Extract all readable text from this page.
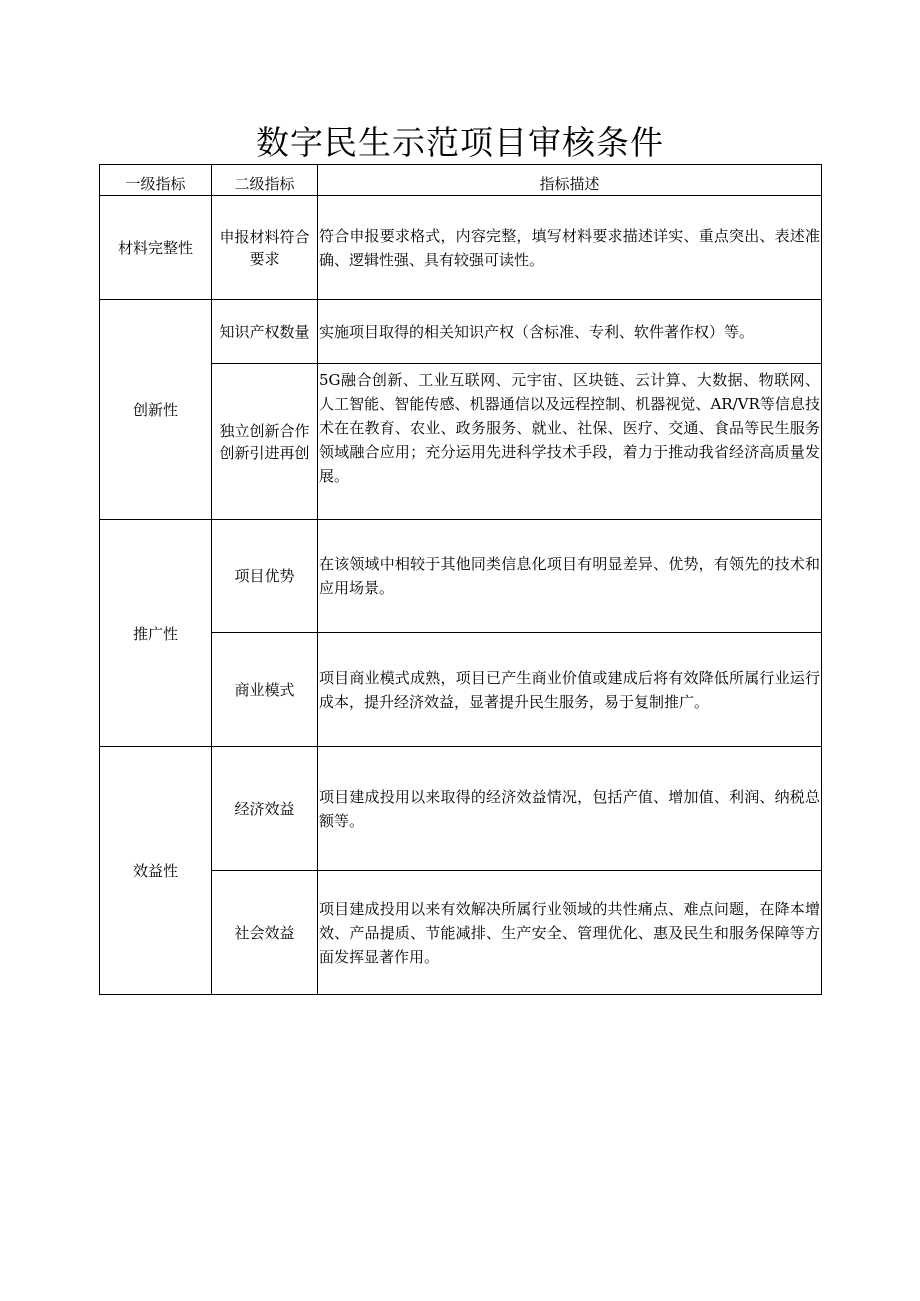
数字民生示范项目审核条件
一级指标	二级指标	指标描述

材料完整性	申报材料符合要求	符合申报要求格式，内容完整，填写材料要求描述详实、重点突出、表述准确、逻辑性强、具有较强可读性。
创新性	知识产权数量	实施项目取得的相关知识产权（含标准、专利、软件著作权）等。
	独立创新合作创新引进再创	5G融合创新、工业互联网、元宇宙、区块链、云计算、大数据、物联网、人工智能、智能传感、机器通信以及远程控制、机器视觉、AR/VR等信息技术在在教育、农业、政务服务、就业、社保、医疗、交通、食品等民生服务领域融合应用；充分运用先进科学技术手段，着力于推动我省经济高质量发展。
推广性	项目优势	在该领域中相较于其他同类信息化项目有明显差异、优势，有领先的技术和应用场景。
	商业模式	项目商业模式成熟，项目已产生商业价值或建成后将有效降低所属行业运行成本，提升经济效益，显著提升民生服务，易于复制推广。
效益性	经济效益	项目建成投用以来取得的经济效益情况，包括产值、增加值、利润、纳税总额等。
	社会效益	项目建成投用以来有效解决所属行业领域的共性痛点、难点问题，在降本增效、产品提质、节能减排、生产安全、管理优化、惠及民生和服务保障等方面发挥显著作用。
